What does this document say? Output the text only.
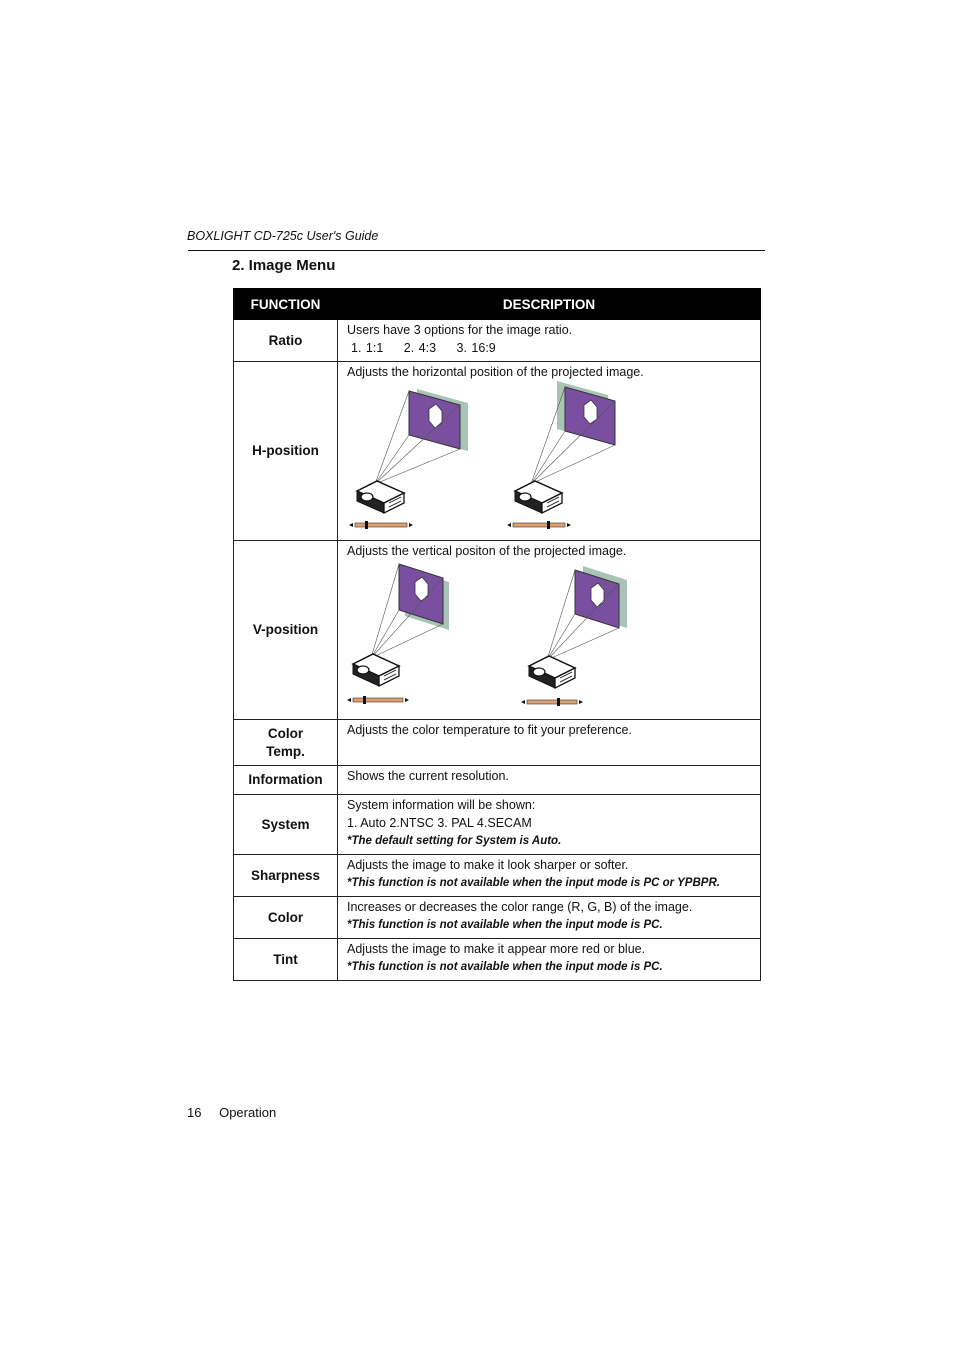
BOXLIGHT CD-725c User's Guide
2. Image Menu
FUNCTION	DESCRIPTION
Ratio	Users have 3 options for the image ratio.
1. 1:1 2. 4:3 3. 16:9

H-position	Adjusts the horizontal position of the projected image.

V-position	Adjusts the vertical positon of the projected image.

Color
Temp.	Adjusts the color temperature to fit your preference.
Information	Shows the current resolution.
System	System information will be shown:
1. Auto 2.NTSC 3. PAL 4.SECAM
*The default setting for System is Auto.

Sharpness	Adjusts the image to make it look sharper or softer.
*This function is not available when the input mode is PC or YPBPR.

Color	Increases or decreases the color range (R, G, B) of the image.
*This function is not available when the input mode is PC.

Tint	Adjusts the image to make it appear more red or blue.
*This function is not available when the input mode is PC.
16 Operation
